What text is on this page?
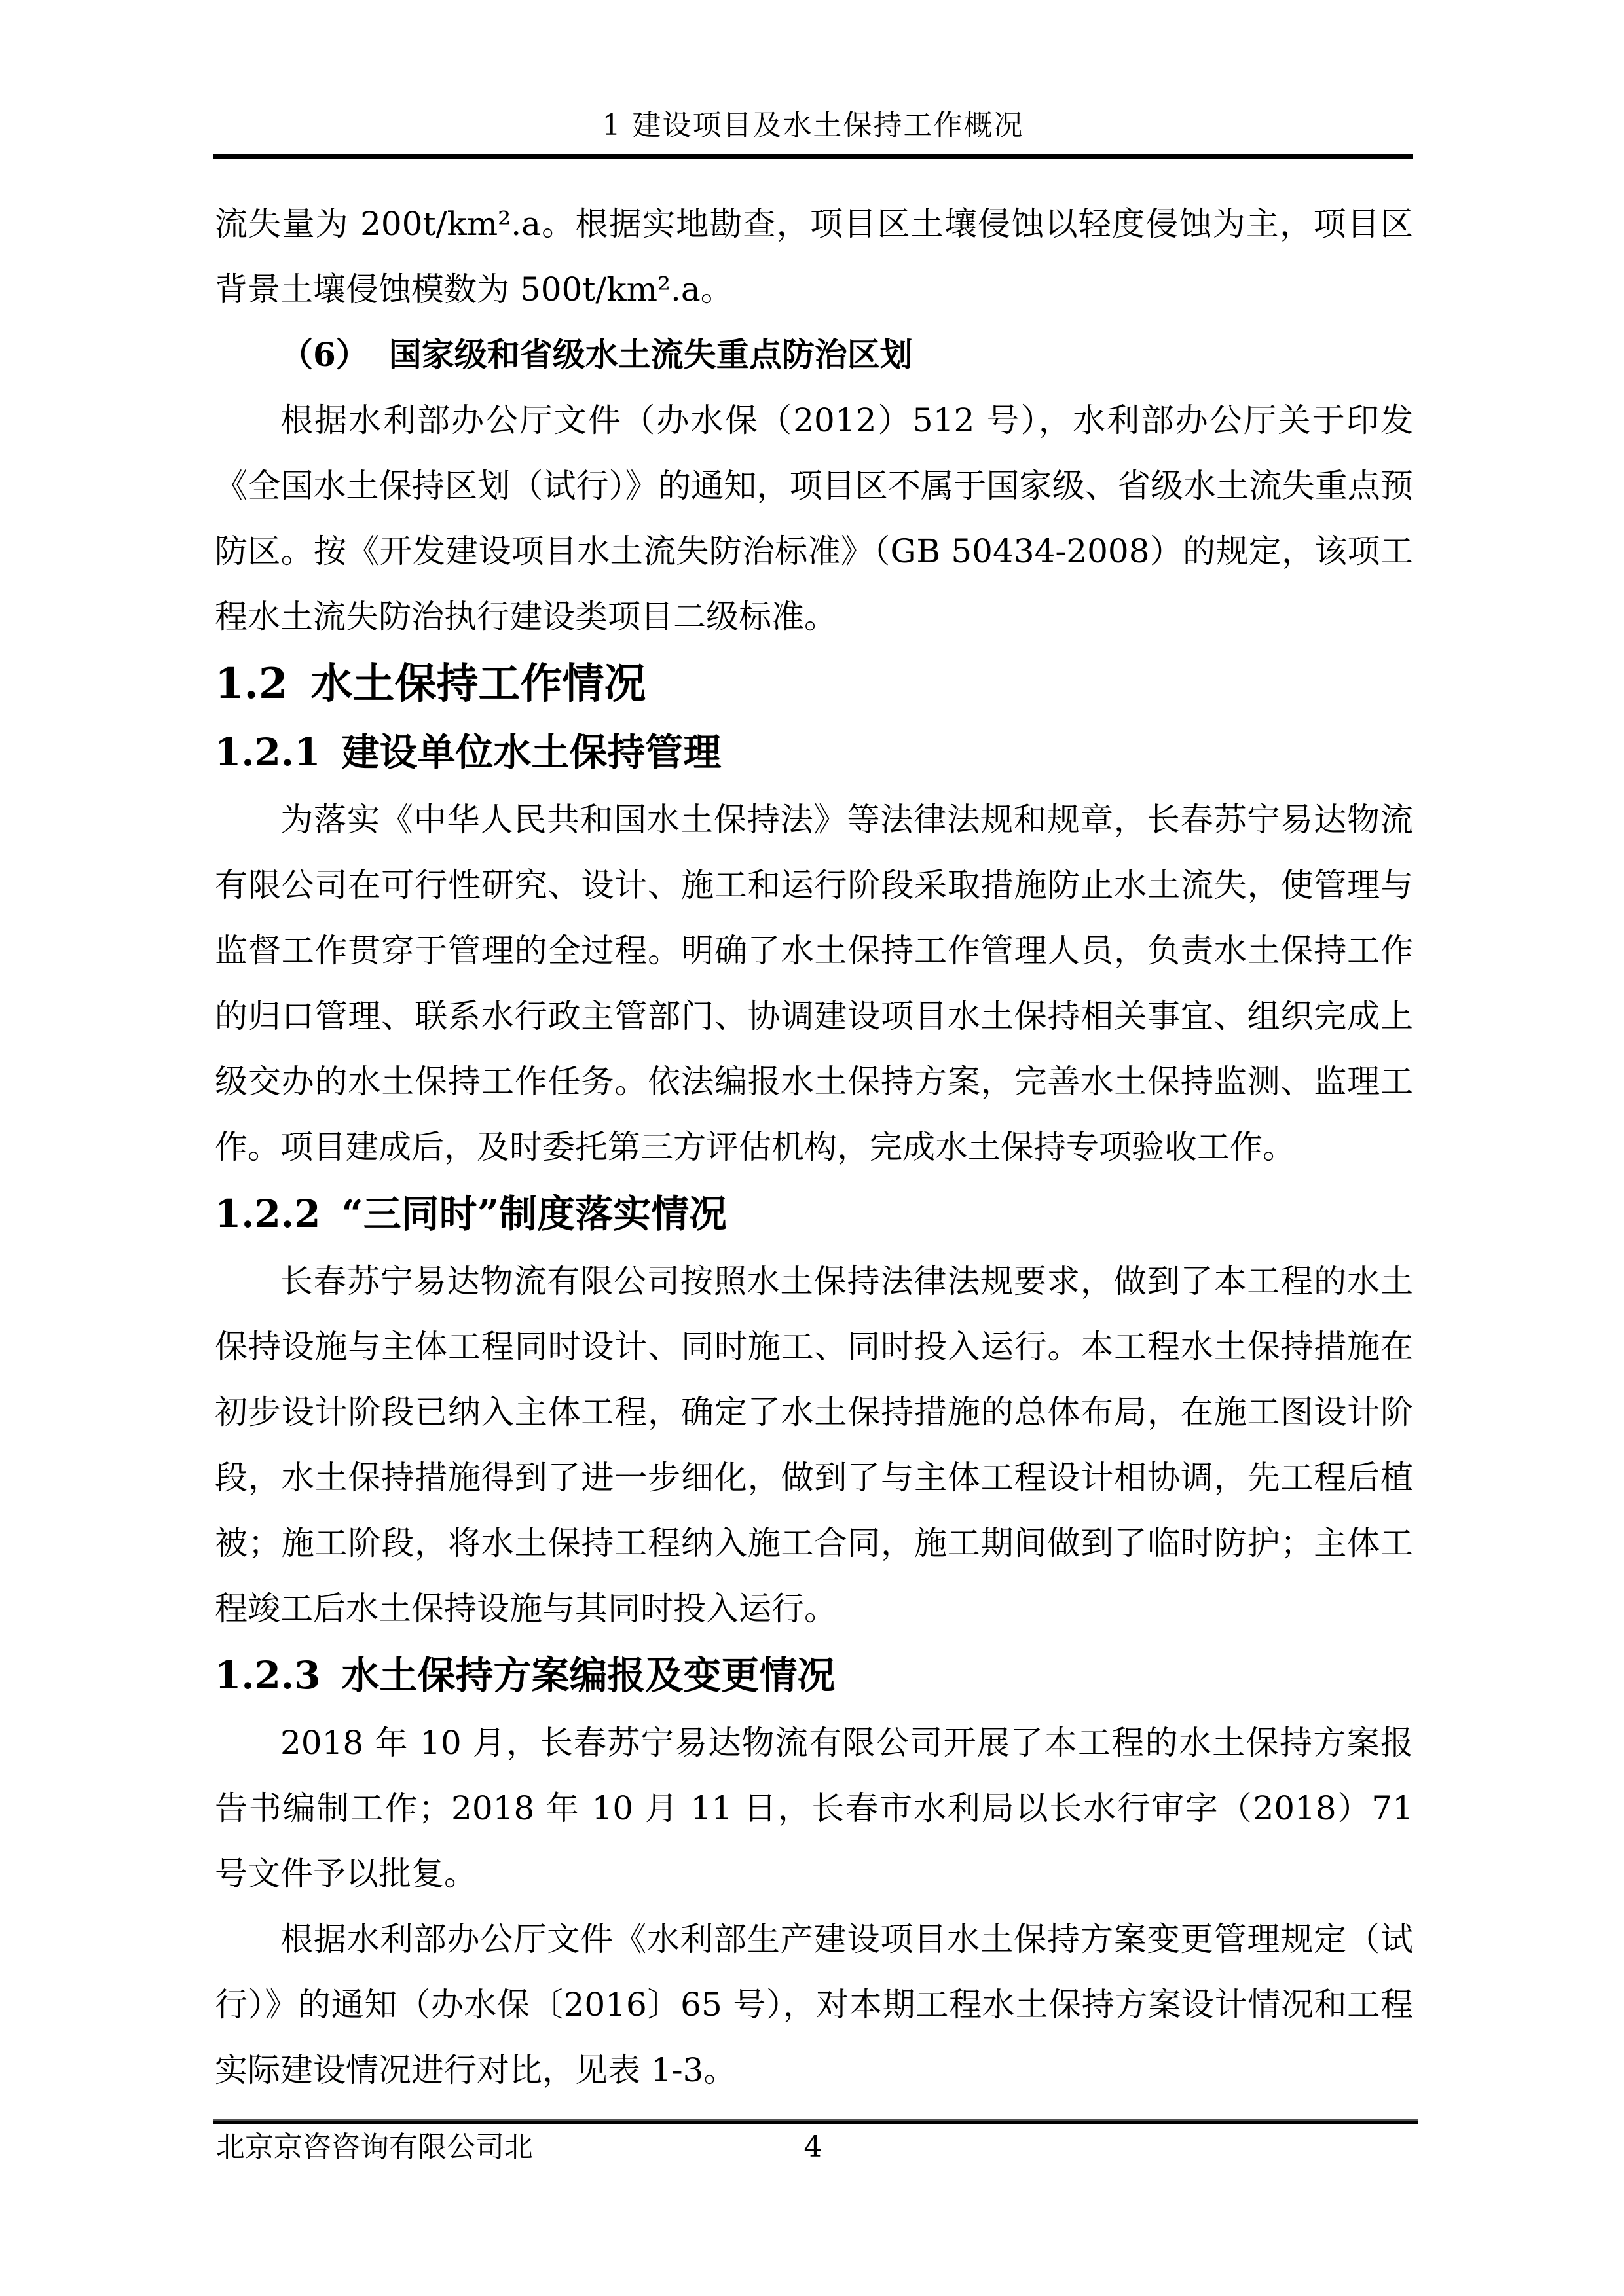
1 建设项目及水土保持工作概况

流失量为 200t/km².a。根据实地勘查，项目区土壤侵蚀以轻度侵蚀为主，项目区背景土壤侵蚀模数为 500t/km².a。

（6） 国家级和省级水土流失重点防治区划

根据水利部办公厅文件（办水保（2012）512 号），水利部办公厅关于印发《全国水土保持区划（试行）》的通知，项目区不属于国家级、省级水土流失重点预防区。按《开发建设项目水土流失防治标准》（GB 50434-2008）的规定，该项工程水土流失防治执行建设类项目二级标准。

1.2 水土保持工作情况
1.2.1 建设单位水土保持管理

为落实《中华人民共和国水土保持法》等法律法规和规章，长春苏宁易达物流有限公司在可行性研究、设计、施工和运行阶段采取措施防止水土流失，使管理与监督工作贯穿于管理的全过程。明确了水土保持工作管理人员，负责水土保持工作的归口管理、联系水行政主管部门、协调建设项目水土保持相关事宜、组织完成上级交办的水土保持工作任务。依法编报水土保持方案，完善水土保持监测、监理工作。项目建成后，及时委托第三方评估机构，完成水土保持专项验收工作。

1.2.2 “三同时”制度落实情况

长春苏宁易达物流有限公司按照水土保持法律法规要求，做到了本工程的水土保持设施与主体工程同时设计、同时施工、同时投入运行。本工程水土保持措施在初步设计阶段已纳入主体工程，确定了水土保持措施的总体布局，在施工图设计阶段，水土保持措施得到了进一步细化，做到了与主体工程设计相协调，先工程后植被；施工阶段，将水土保持工程纳入施工合同，施工期间做到了临时防护；主体工程竣工后水土保持设施与其同时投入运行。

1.2.3 水土保持方案编报及变更情况

2018 年 10 月，长春苏宁易达物流有限公司开展了本工程的水土保持方案报告书编制工作；2018 年 10 月 11 日，长春市水利局以长水行审字（2018）71 号文件予以批复。

根据水利部办公厅文件《水利部生产建设项目水土保持方案变更管理规定（试行）》的通知（办水保〔2016〕65 号），对本期工程水土保持方案设计情况和工程实际建设情况进行对比，见表 1-3。

北京京咨咨询有限公司北	4
